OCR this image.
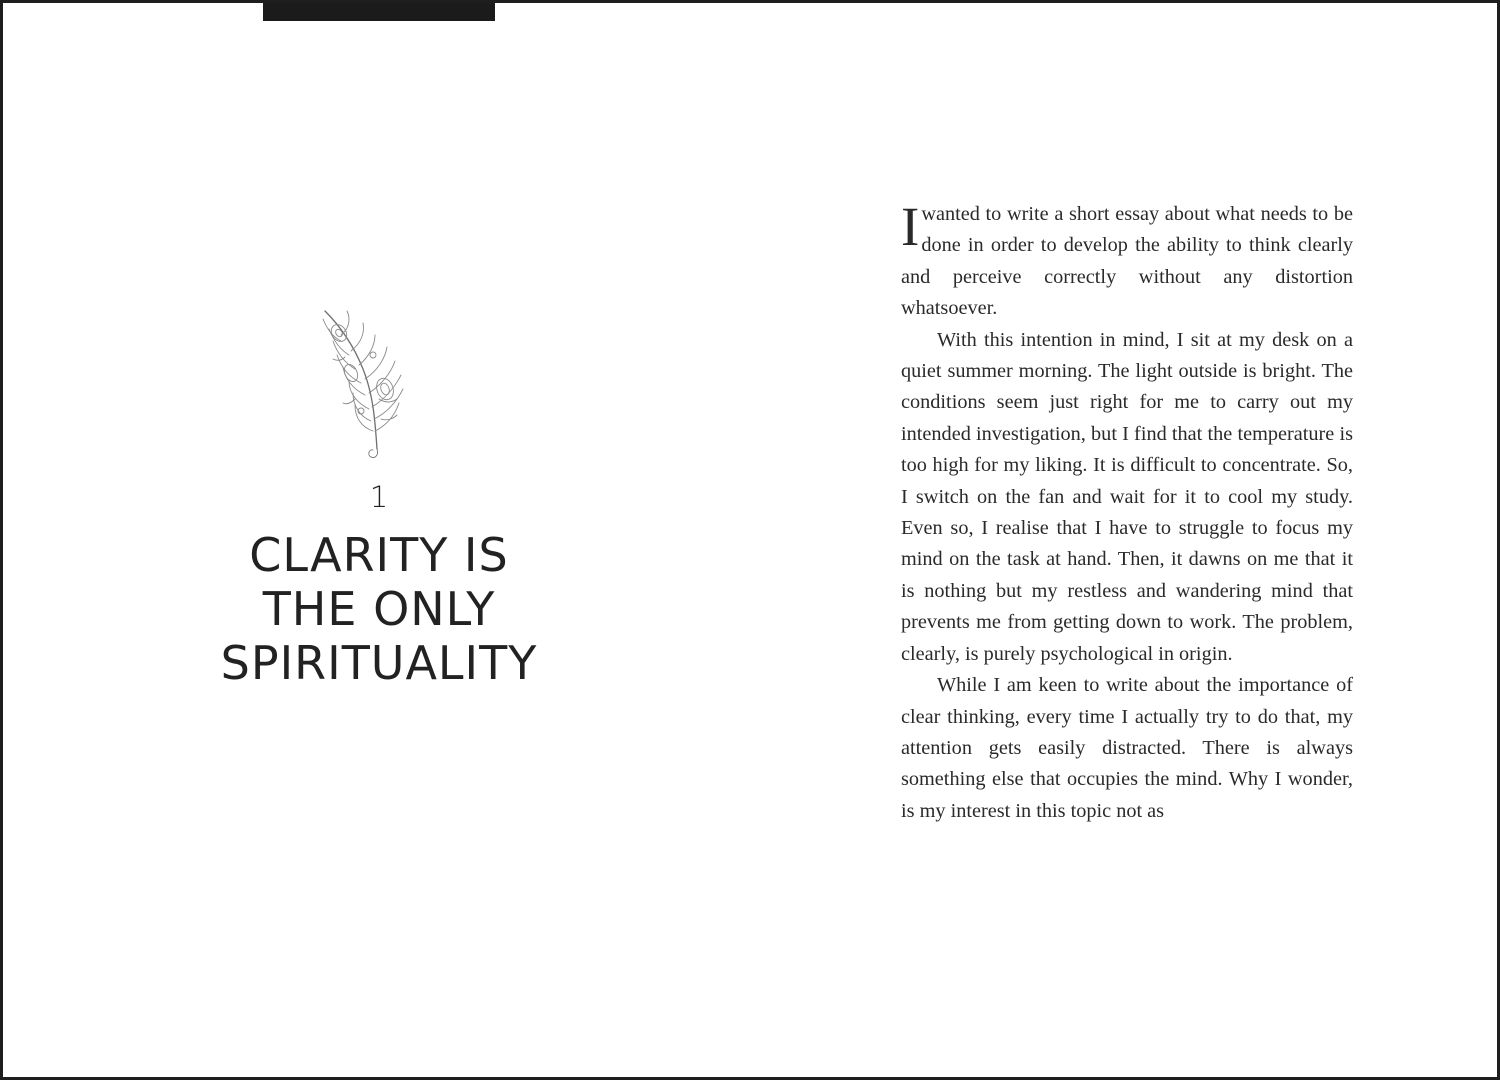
1
CLARITY IS
THE ONLY
SPIRITUALITY

Iwanted to write a short essay about what needs to be done in order to develop the ability to think clearly and perceive correctly without any distortion whatsoever.

With this intention in mind, I sit at my desk on a quiet summer morning. The light outside is bright. The conditions seem just right for me to carry out my intended investigation, but I find that the temperature is too high for my liking. It is difficult to concentrate. So, I switch on the fan and wait for it to cool my study. Even so, I realise that I have to struggle to focus my mind on the task at hand. Then, it dawns on me that it is nothing but my restless and wandering mind that prevents me from getting down to work. The problem, clearly, is purely psychological in origin.

While I am keen to write about the importance of clear thinking, every time I actually try to do that, my attention gets easily distracted. There is always something else that occupies the mind. Why I wonder, is my interest in this topic not as
